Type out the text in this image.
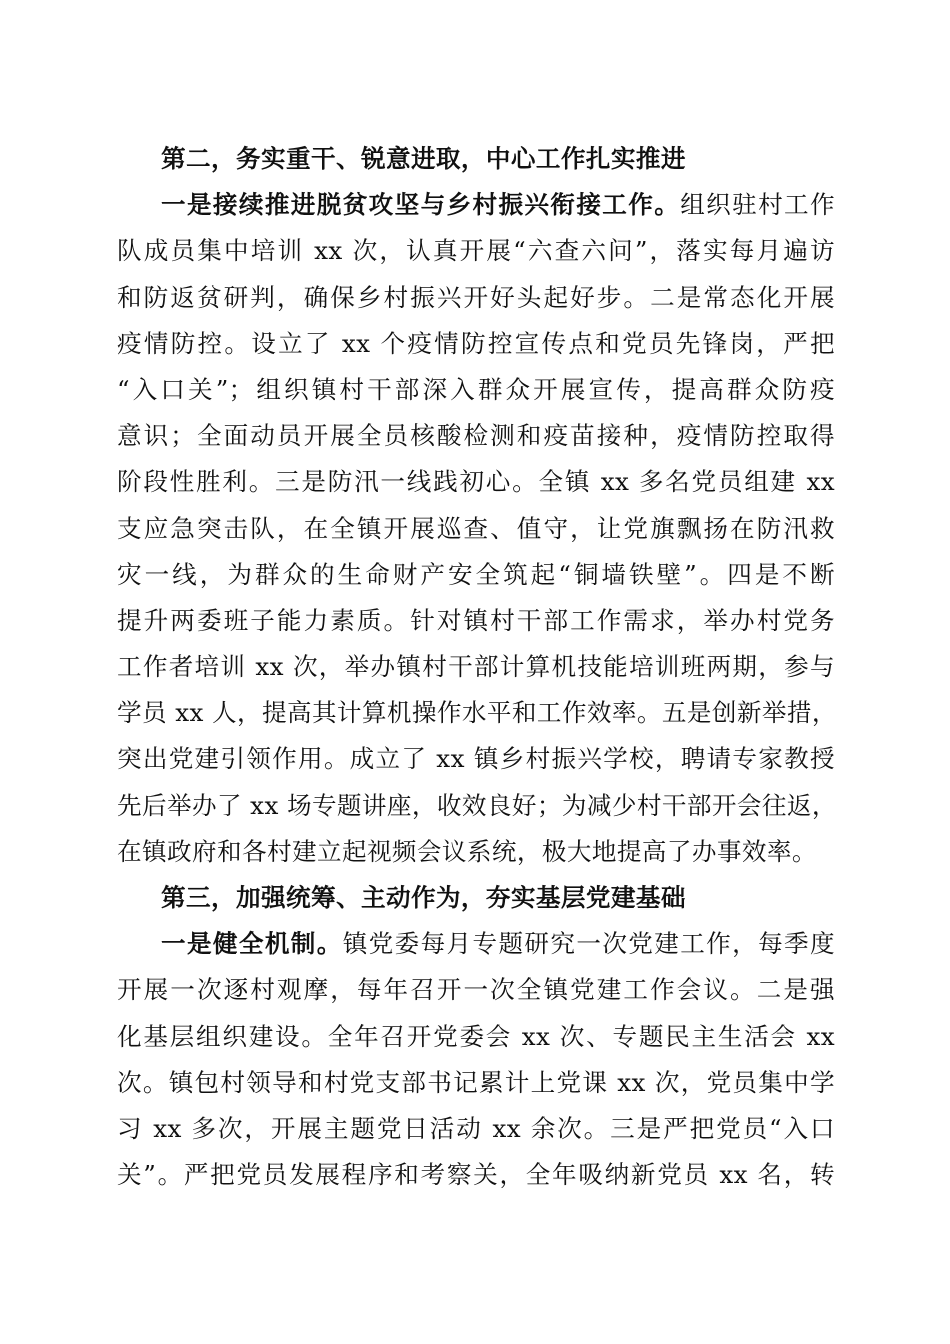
第二，务实重干、锐意进取，中心工作扎实推进
一是接续推进脱贫攻坚与乡村振兴衔接工作。组织驻村工作
队成员集中培训 xx 次，认真开展“六查六问”，落实每月遍访
和防返贫研判，确保乡村振兴开好头起好步。二是常态化开展
疫情防控。设立了 xx 个疫情防控宣传点和党员先锋岗，严把
“入口关”；组织镇村干部深入群众开展宣传，提高群众防疫
意识；全面动员开展全员核酸检测和疫苗接种，疫情防控取得
阶段性胜利。三是防汛一线践初心。全镇 xx 多名党员组建 xx
支应急突击队，在全镇开展巡查、值守，让党旗飘扬在防汛救
灾一线，为群众的生命财产安全筑起“铜墙铁壁”。四是不断
提升两委班子能力素质。针对镇村干部工作需求，举办村党务
工作者培训 xx 次，举办镇村干部计算机技能培训班两期，参与
学员 xx 人，提高其计算机操作水平和工作效率。五是创新举措，
突出党建引领作用。成立了 xx 镇乡村振兴学校，聘请专家教授
先后举办了 xx 场专题讲座，收效良好；为减少村干部开会往返，
在镇政府和各村建立起视频会议系统，极大地提高了办事效率。
第三，加强统筹、主动作为，夯实基层党建基础
一是健全机制。镇党委每月专题研究一次党建工作，每季度
开展一次逐村观摩，每年召开一次全镇党建工作会议。二是强
化基层组织建设。全年召开党委会 xx 次、专题民主生活会 xx
次。镇包村领导和村党支部书记累计上党课 xx 次，党员集中学
习 xx 多次，开展主题党日活动 xx 余次。三是严把党员“入口
关”。严把党员发展程序和考察关，全年吸纳新党员 xx 名，转
